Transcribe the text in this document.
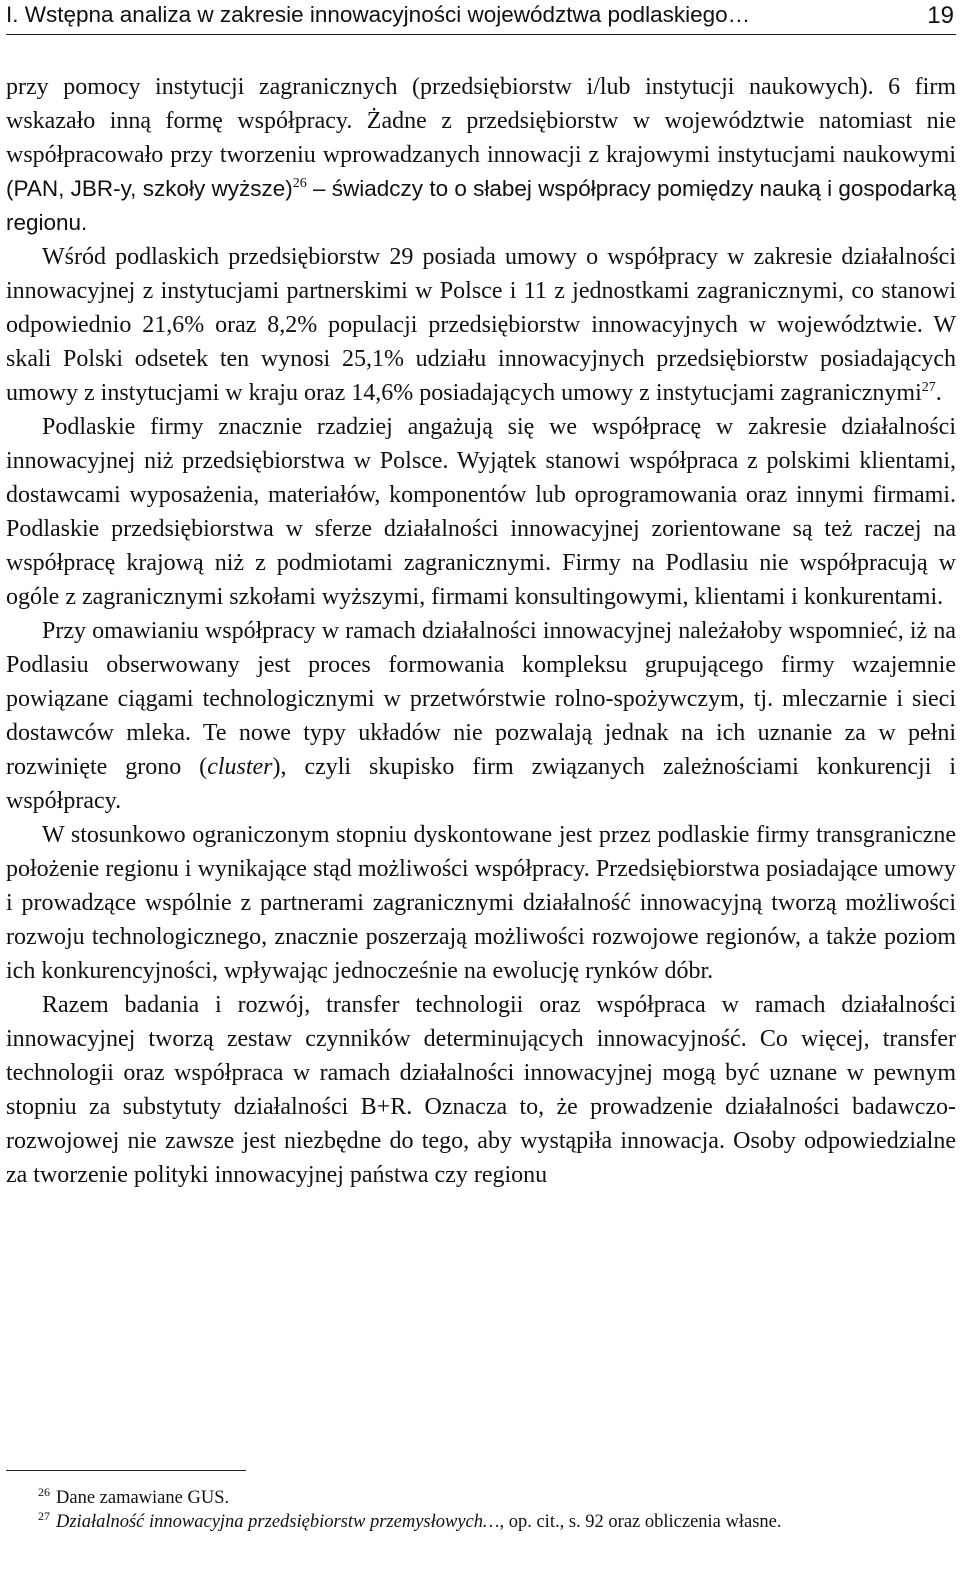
I. Wstępna analiza w zakresie innowacyjności województwa podlaskiego…	19

przy pomocy instytucji zagranicznych (przedsiębiorstw i/lub instytucji naukowych). 6 firm wskazało inną formę współpracy. Żadne z przedsiębiorstw w województwie natomiast nie współpracowało przy tworzeniu wprowadzanych innowacji z krajowymi instytucjami naukowymi (PAN, JBR-y, szkoły wyższe)$^{26}$ – świadczy to o słabej współpracy pomiędzy nauką i gospodarką regionu.

Wśród podlaskich przedsiębiorstw 29 posiada umowy o współpracy w zakresie działalności innowacyjnej z instytucjami partnerskimi w Polsce i 11 z jednostkami zagranicznymi, co stanowi odpowiednio 21,6% oraz 8,2% populacji przedsiębiorstw innowacyjnych w województwie. W skali Polski odsetek ten wynosi 25,1% udziału innowacyjnych przedsiębiorstw posiadających umowy z instytucjami w kraju oraz 14,6% posiadających umowy z instytucjami zagranicznymi$^{27}$.

Podlaskie firmy znacznie rzadziej angażują się we współpracę w zakresie działalności innowacyjnej niż przedsiębiorstwa w Polsce. Wyjątek stanowi współpraca z polskimi klientami, dostawcami wyposażenia, materiałów, komponentów lub oprogramowania oraz innymi firmami. Podlaskie przedsiębiorstwa w sferze działalności innowacyjnej zorientowane są też raczej na współpracę krajową niż z podmiotami zagranicznymi. Firmy na Podlasiu nie współpracują w ogóle z zagranicznymi szkołami wyższymi, firmami konsultingowymi, klientami i konkurentami.

Przy omawianiu współpracy w ramach działalności innowacyjnej należałoby wspomnieć, iż na Podlasiu obserwowany jest proces formowania kompleksu grupującego firmy wzajemnie powiązane ciągami technologicznymi w przetwórstwie rolno-spożywczym, tj. mleczarnie i sieci dostawców mleka. Te nowe typy układów nie pozwalają jednak na ich uznanie za w pełni rozwinięte grono (cluster), czyli skupisko firm związanych zależnościami konkurencji i współpracy.

W stosunkowo ograniczonym stopniu dyskontowane jest przez podlaskie firmy transgraniczne położenie regionu i wynikające stąd możliwości współpracy. Przedsiębiorstwa posiadające umowy i prowadzące wspólnie z partnerami zagranicznymi działalność innowacyjną tworzą możliwości rozwoju technologicznego, znacznie poszerzają możliwości rozwojowe regionów, a także poziom ich konkurencyjności, wpływając jednocześnie na ewolucję rynków dóbr.

Razem badania i rozwój, transfer technologii oraz współpraca w ramach działalności innowacyjnej tworzą zestaw czynników determinujących innowacyjność. Co więcej, transfer technologii oraz współpraca w ramach działalności innowacyjnej mogą być uznane w pewnym stopniu za substytuty działalności B+R. Oznacza to, że prowadzenie działalności badawczo-rozwojowej nie zawsze jest niezbędne do tego, aby wystąpiła innowacja. Osoby odpowiedzialne za tworzenie polityki innowacyjnej państwa czy regionu

$^{26}$ Dane zamawiane GUS.

$^{27}$ Działalność innowacyjna przedsiębiorstw przemysłowych…, op. cit., s. 92 oraz obliczenia własne.
